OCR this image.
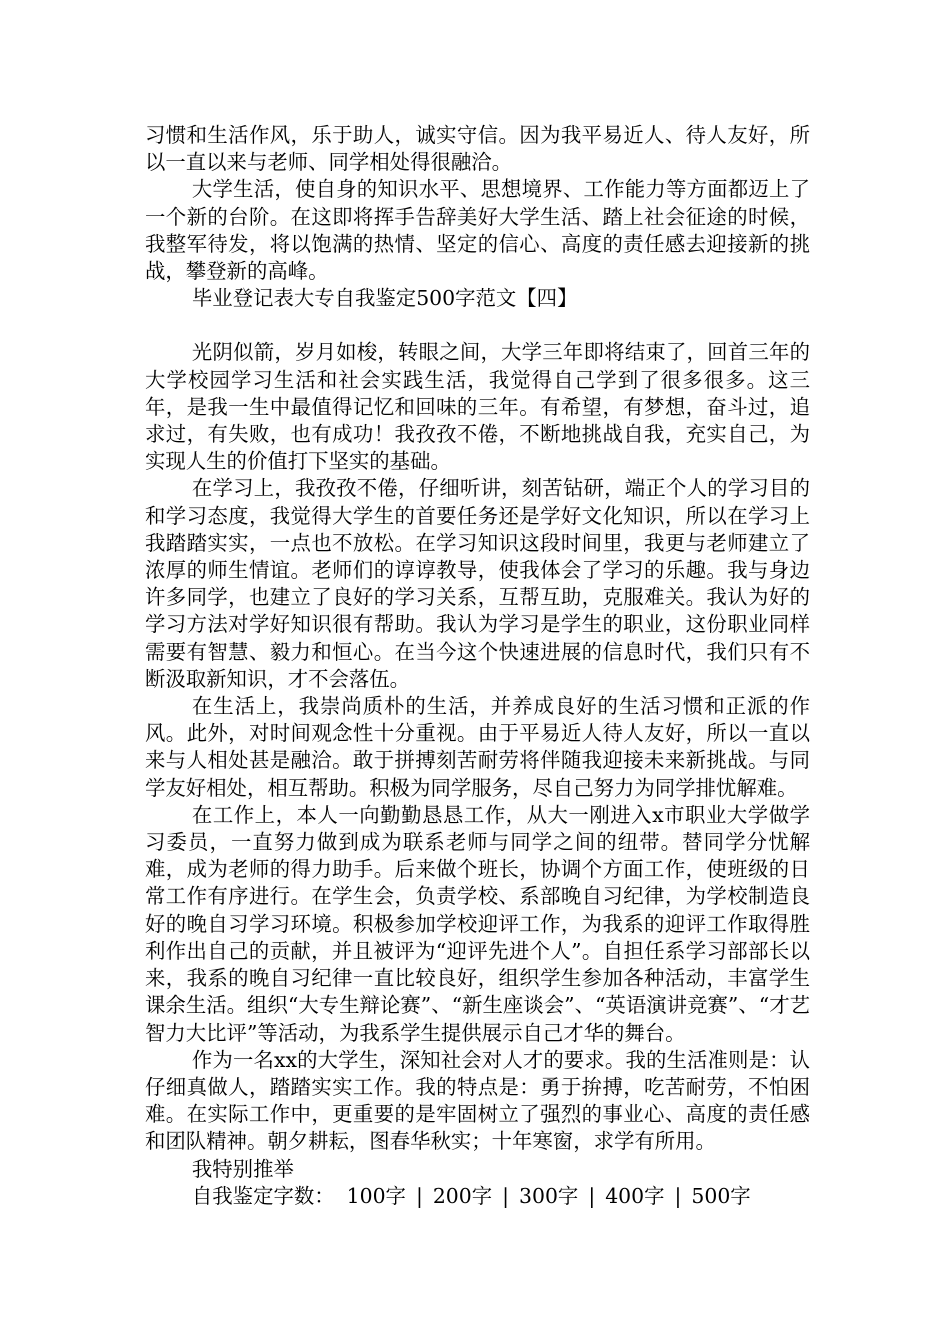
习惯和生活作风，乐于助人，诚实守信。因为我平易近人、待人友好，所以一直以来与老师、同学相处得很融洽。

大学生活，使自身的知识水平、思想境界、工作能力等方面都迈上了一个新的台阶。在这即将挥手告辞美好大学生活、踏上社会征途的时候，我整军待发，将以饱满的热情、坚定的信心、高度的责任感去迎接新的挑战，攀登新的高峰。

毕业登记表大专自我鉴定500字范文【四】

光阴似箭，岁月如梭，转眼之间，大学三年即将结束了，回首三年的大学校园学习生活和社会实践生活，我觉得自己学到了很多很多。这三年，是我一生中最值得记忆和回味的三年。有希望，有梦想，奋斗过，追求过，有失败，也有成功！我孜孜不倦，不断地挑战自我，充实自己，为实现人生的价值打下坚实的基础。

在学习上，我孜孜不倦，仔细听讲，刻苦钻研，端正个人的学习目的和学习态度，我觉得大学生的首要任务还是学好文化知识，所以在学习上我踏踏实实，一点也不放松。在学习知识这段时间里，我更与老师建立了浓厚的师生情谊。老师们的谆谆教导，使我体会了学习的乐趣。我与身边许多同学，也建立了良好的学习关系，互帮互助，克服难关。我认为好的学习方法对学好知识很有帮助。我认为学习是学生的职业，这份职业同样需要有智慧、毅力和恒心。在当今这个快速进展的信息时代，我们只有不断汲取新知识，才不会落伍。

在生活上，我崇尚质朴的生活，并养成良好的生活习惯和正派的作风。此外，对时间观念性十分重视。由于平易近人待人友好，所以一直以来与人相处甚是融洽。敢于拼搏刻苦耐劳将伴随我迎接未来新挑战。与同学友好相处，相互帮助。积极为同学服务，尽自己努力为同学排忧解难。

在工作上，本人一向勤勤恳恳工作，从大一刚进入x市职业大学做学习委员，一直努力做到成为联系老师与同学之间的纽带。替同学分忧解难，成为老师的得力助手。后来做个班长，协调个方面工作，使班级的日常工作有序进行。在学生会，负责学校、系部晚自习纪律，为学校制造良好的晚自习学习环境。积极参加学校迎评工作，为我系的迎评工作取得胜利作出自己的贡献，并且被评为“迎评先进个人”。自担任系学习部部长以来，我系的晚自习纪律一直比较良好，组织学生参加各种活动，丰富学生课余生活。组织“大专生辩论赛”、“新生座谈会”、“英语演讲竞赛”、“才艺智力大比评”等活动，为我系学生提供展示自己才华的舞台。

作为一名xx的大学生，深知社会对人才的要求。我的生活准则是：认仔细真做人，踏踏实实工作。我的特点是：勇于拚搏，吃苦耐劳，不怕困难。在实际工作中，更重要的是牢固树立了强烈的事业心、高度的责任感和团队精神。朝夕耕耘，图春华秋实；十年寒窗，求学有所用。

我特别推举

自我鉴定字数： 100字 | 200字 | 300字 | 400字 | 500字
